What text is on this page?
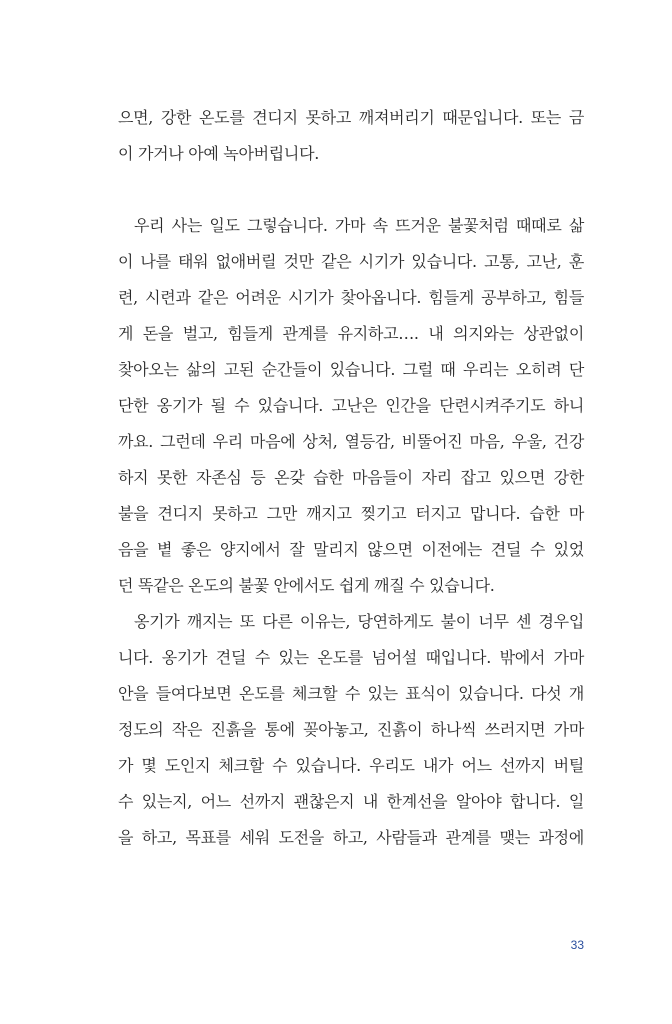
으면, 강한 온도를 견디지 못하고 깨져버리기 때문입니다. 또는 금
이 가거나 아예 녹아버립니다.
우리 사는 일도 그렇습니다. 가마 속 뜨거운 불꽃처럼 때때로 삶
이 나를 태워 없애버릴 것만 같은 시기가 있습니다. 고통, 고난, 훈
련, 시련과 같은 어려운 시기가 찾아옵니다. 힘들게 공부하고, 힘들
게 돈을 벌고, 힘들게 관계를 유지하고…. 내 의지와는 상관없이
찾아오는 삶의 고된 순간들이 있습니다. 그럴 때 우리는 오히려 단
단한 옹기가 될 수 있습니다. 고난은 인간을 단련시켜주기도 하니
까요. 그런데 우리 마음에 상처, 열등감, 비뚤어진 마음, 우울, 건강
하지 못한 자존심 등 온갖 습한 마음들이 자리 잡고 있으면 강한
불을 견디지 못하고 그만 깨지고 찢기고 터지고 맙니다. 습한 마
음을 볕 좋은 양지에서 잘 말리지 않으면 이전에는 견딜 수 있었
던 똑같은 온도의 불꽃 안에서도 쉽게 깨질 수 있습니다.
옹기가 깨지는 또 다른 이유는, 당연하게도 불이 너무 센 경우입
니다. 옹기가 견딜 수 있는 온도를 넘어설 때입니다. 밖에서 가마
안을 들여다보면 온도를 체크할 수 있는 표식이 있습니다. 다섯 개
정도의 작은 진흙을 통에 꽂아놓고, 진흙이 하나씩 쓰러지면 가마
가 몇 도인지 체크할 수 있습니다. 우리도 내가 어느 선까지 버틸
수 있는지, 어느 선까지 괜찮은지 내 한계선을 알아야 합니다. 일
을 하고, 목표를 세워 도전을 하고, 사람들과 관계를 맺는 과정에
33
